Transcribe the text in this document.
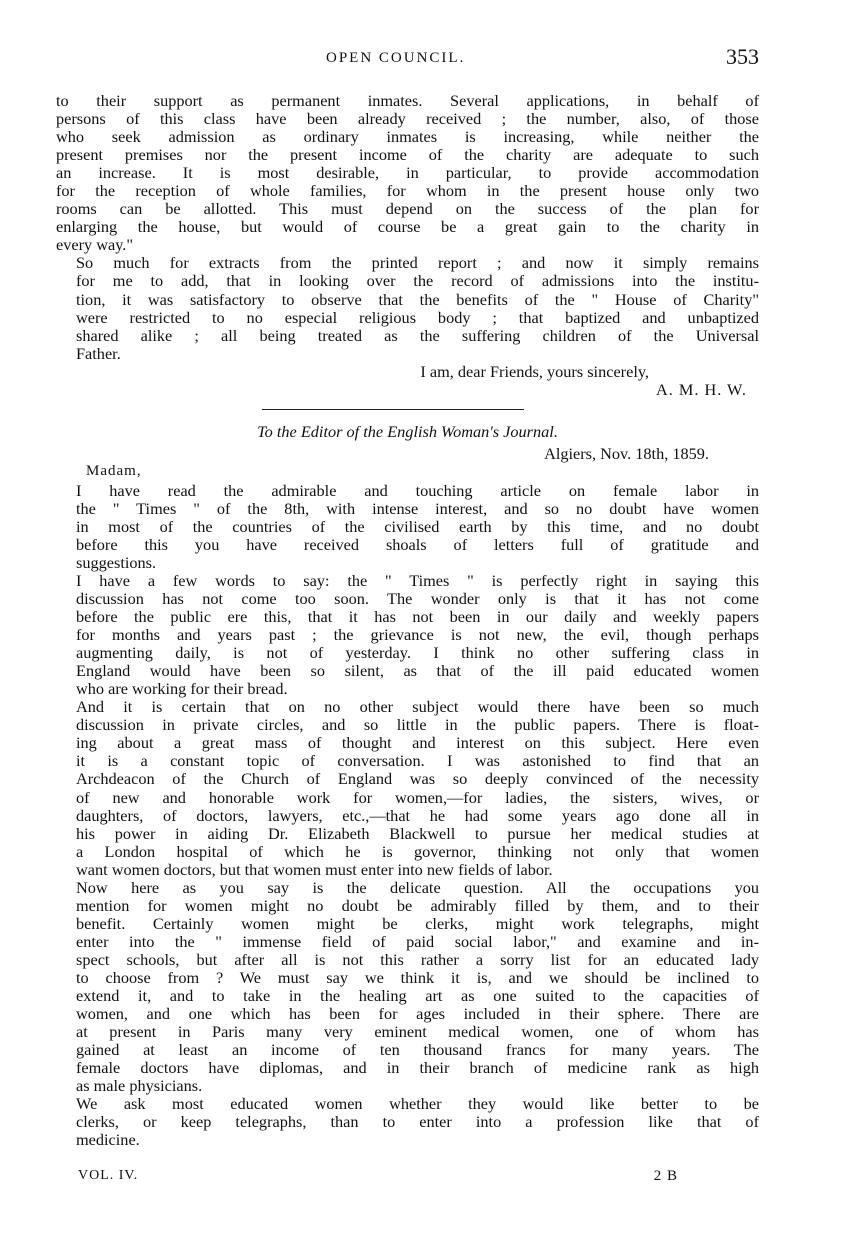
OPEN COUNCIL.	353

to their support as permanent inmates. Several applications, in behalf of
persons of this class have been already received ; the number, also, of those
who seek admission as ordinary inmates is increasing, while neither the
present premises nor the present income of the charity are adequate to such
an increase. It is most desirable, in particular, to provide accommodation
for the reception of whole families, for whom in the present house only two
rooms can be allotted. This must depend on the success of the plan for
enlarging the house, but would of course be a great gain to the charity in
every way."

So much for extracts from the printed report ; and now it simply remains
for me to add, that in looking over the record of admissions into the institu-
tion, it was satisfactory to observe that the benefits of the " House of Charity"
were restricted to no especial religious body ; that baptized and unbaptized
shared alike ; all being treated as the suffering children of the Universal
Father.

I am, dear Friends, yours sincerely,

A. M. H. W.

To the Editor of the English Woman's Journal.

Algiers, Nov. 18th, 1859.

Madam,

I have read the admirable and touching article on female labor in
the " Times " of the 8th, with intense interest, and so no doubt have women
in most of the countries of the civilised earth by this time, and no doubt
before this you have received shoals of letters full of gratitude and
suggestions.

I have a few words to say: the " Times " is perfectly right in saying this
discussion has not come too soon. The wonder only is that it has not come
before the public ere this, that it has not been in our daily and weekly papers
for months and years past ; the grievance is not new, the evil, though perhaps
augmenting daily, is not of yesterday. I think no other suffering class in
England would have been so silent, as that of the ill paid educated women
who are working for their bread.

And it is certain that on no other subject would there have been so much
discussion in private circles, and so little in the public papers. There is float-
ing about a great mass of thought and interest on this subject. Here even
it is a constant topic of conversation. I was astonished to find that an
Archdeacon of the Church of England was so deeply convinced of the necessity
of new and honorable work for women,—for ladies, the sisters, wives, or
daughters, of doctors, lawyers, etc.,—that he had some years ago done all in
his power in aiding Dr. Elizabeth Blackwell to pursue her medical studies at
a London hospital of which he is governor, thinking not only that women
want women doctors, but that women must enter into new fields of labor.

Now here as you say is the delicate question. All the occupations you
mention for women might no doubt be admirably filled by them, and to their
benefit. Certainly women might be clerks, might work telegraphs, might
enter into the " immense field of paid social labor," and examine and in-
spect schools, but after all is not this rather a sorry list for an educated lady
to choose from ? We must say we think it is, and we should be inclined to
extend it, and to take in the healing art as one suited to the capacities of
women, and one which has been for ages included in their sphere. There are
at present in Paris many very eminent medical women, one of whom has
gained at least an income of ten thousand francs for many years. The
female doctors have diplomas, and in their branch of medicine rank as high
as male physicians.

We ask most educated women whether they would like better to be
clerks, or keep telegraphs, than to enter into a profession like that of
medicine.

VOL. IV.	2 B
